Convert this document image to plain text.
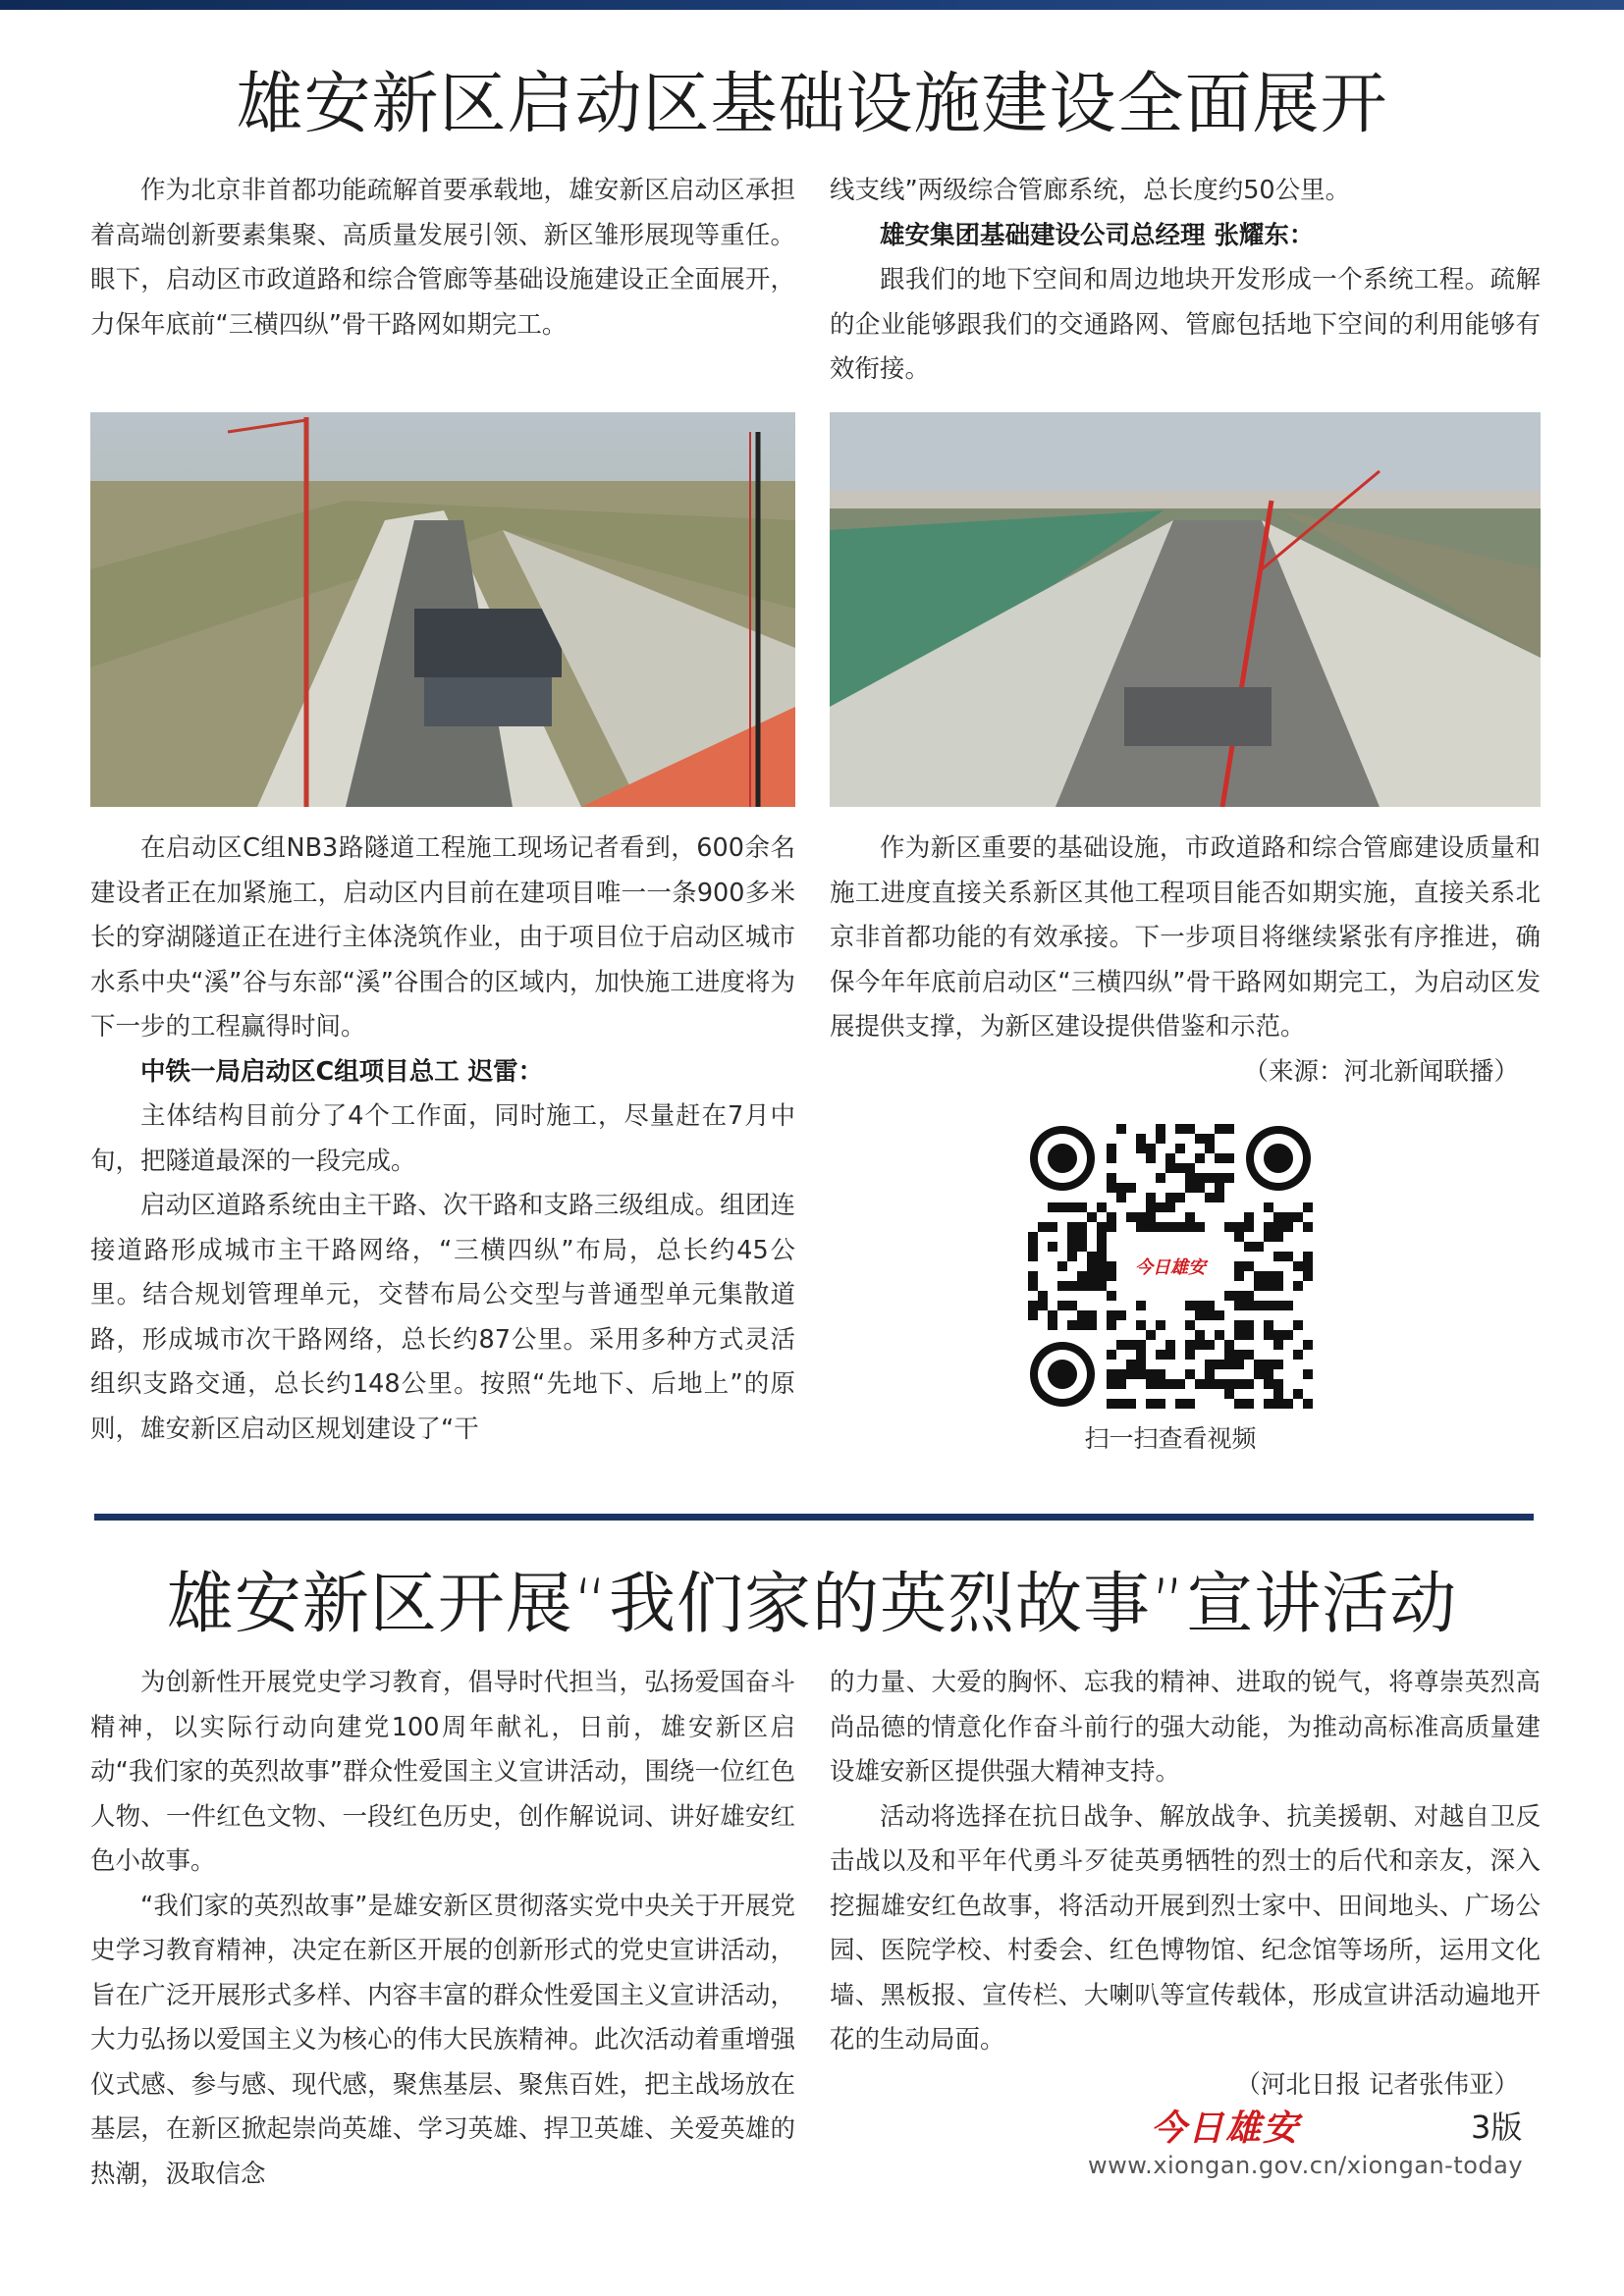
雄安新区启动区基础设施建设全面展开

作为北京非首都功能疏解首要承载地，雄安新区启动区承担着高端创新要素集聚、高质量发展引领、新区雏形展现等重任。眼下，启动区市政道路和综合管廊等基础设施建设正全面展开，力保年底前“三横四纵”骨干路网如期完工。

在启动区C组NB3路隧道工程施工现场记者看到，600余名建设者正在加紧施工，启动区内目前在建项目唯一一条900多米长的穿湖隧道正在进行主体浇筑作业，由于项目位于启动区城市水系中央“溪”谷与东部“溪”谷围合的区域内，加快施工进度将为下一步的工程赢得时间。

中铁一局启动区C组项目总工 迟雷：

主体结构目前分了4个工作面，同时施工，尽量赶在7月中旬，把隧道最深的一段完成。

启动区道路系统由主干路、次干路和支路三级组成。组团连接道路形成城市主干路网络，“三横四纵”布局，总长约45公里。结合规划管理单元，交替布局公交型与普通型单元集散道路，形成城市次干路网络，总长约87公里。采用多种方式灵活组织支路交通，总长约148公里。按照“先地下、后地上”的原则，雄安新区启动区规划建设了“干

线支线”两级综合管廊系统，总长度约50公里。

雄安集团基础建设公司总经理 张耀东：

跟我们的地下空间和周边地块开发形成一个系统工程。疏解的企业能够跟我们的交通路网、管廊包括地下空间的利用能够有效衔接。

作为新区重要的基础设施，市政道路和综合管廊建设质量和施工进度直接关系新区其他工程项目能否如期实施，直接关系北京非首都功能的有效承接。下一步项目将继续紧张有序推进，确保今年年底前启动区“三横四纵”骨干路网如期完工，为启动区发展提供支撑，为新区建设提供借鉴和示范。

（来源：河北新闻联播）

今日雄安
扫一扫查看视频
雄安新区开展“我们家的英烈故事”宣讲活动

为创新性开展党史学习教育，倡导时代担当，弘扬爱国奋斗精神，以实际行动向建党100周年献礼，日前，雄安新区启动“我们家的英烈故事”群众性爱国主义宣讲活动，围绕一位红色人物、一件红色文物、一段红色历史，创作解说词、讲好雄安红色小故事。

“我们家的英烈故事”是雄安新区贯彻落实党中央关于开展党史学习教育精神，决定在新区开展的创新形式的党史宣讲活动，旨在广泛开展形式多样、内容丰富的群众性爱国主义宣讲活动，大力弘扬以爱国主义为核心的伟大民族精神。此次活动着重增强仪式感、参与感、现代感，聚焦基层、聚焦百姓，把主战场放在基层，在新区掀起崇尚英雄、学习英雄、捍卫英雄、关爱英雄的热潮，汲取信念

的力量、大爱的胸怀、忘我的精神、进取的锐气，将尊崇英烈高尚品德的情意化作奋斗前行的强大动能，为推动高标准高质量建设雄安新区提供强大精神支持。

活动将选择在抗日战争、解放战争、抗美援朝、对越自卫反击战以及和平年代勇斗歹徒英勇牺牲的烈士的后代和亲友，深入挖掘雄安红色故事，将活动开展到烈士家中、田间地头、广场公园、医院学校、村委会、红色博物馆、纪念馆等场所，运用文化墙、黑板报、宣传栏、大喇叭等宣传载体，形成宣讲活动遍地开花的生动局面。

（河北日报 记者张伟亚）

今日雄安	3版
www.xiongan.gov.cn/xiongan-today
